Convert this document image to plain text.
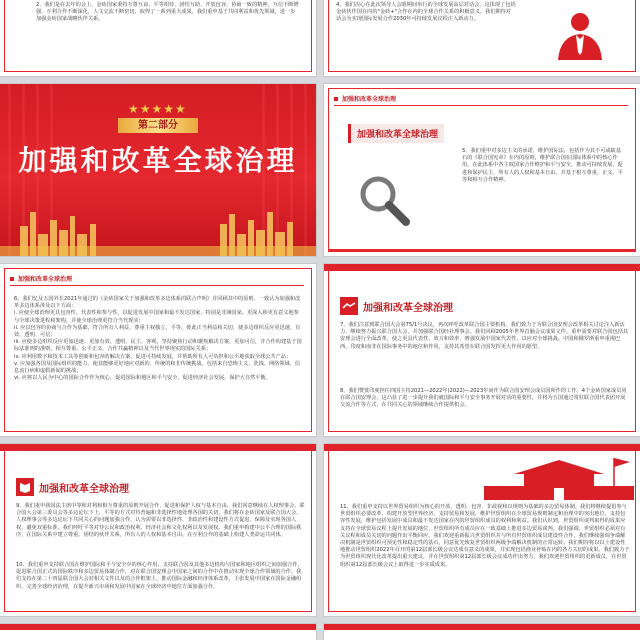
2、我们是在去年的会上，金砖国家秉持互尊互谅、平等相待、团结互助、开放包容、协商一致的精神，互信不断增强，互利合作不断深化，人文交流不断密切，取得了一系列重大成果。我们重申基于共同利益和优先领域，进一步加强金砖国家战略伙伴关系。
4、我们决心在此次领导人会晤期间举行的全球发展高层对话会，这体现了包括金砖伙伴国在内的"金砖+"合作在内的全球合作关系的积极意义。我们期待对话会为实现国际发展合作2030年可持续发展议程注入新动力。
★★★★★
第二部分
加强和改革全球治理
加强和改革全球治理
加强和改革全球治理
5、我们重申对多边主义的承诺，维护国际法，包括作为其不可或缺基石的《联合国宪章》在内的原则，维护联合国在国际体系中的核心作用。在此体系中各主权国家合作维护和平与安全，推动可持续发展，促进和保护民主、所有人的人权和基本自由，并基于相互尊重、正义、平等和相互合作精神。
加强和改革全球治理
6、我们忆及五国外长2021年通过的《金砖国家关于加强和改革多边体系的联合声明》并回顾其中的原则，一致认为加强和改革多边体系涉及以下方面：
i. 应使全球治理更具包容性、代表性和参与性，以促进发展中国家和最不发达国家，特别是非洲国家，更深入和更有意义地参与全球决策进程和架构，并使全球治理更符合当代现实；
ii. 应以包容的协商与合作为基础，符合所有人利益，尊重主权独立、平等、彼此正当利益和关切，使多边组织反应更迅速、有效、透明、可信；
iii. 应使多边组织反应更加迅速、更加有效、透明、民主、客观、坚持聚焦行动和聚焦解决方案，更加可信，并合作构建基于国际法准则的准则，相互尊重、公平正义、合作共赢精神以及当代世界现实的国际关系；
iv. 应利用数字和技术工具等创新和包容的解决方案，促进可持续发展，并帮助所有人可负担和公平地获取全球公共产品；
v. 应加强各国及国际组织的能力，使其能够更好地应对新的、传统的和非传统挑战，包括来自恐怖主义、洗钱、网络领域、信息流行病和虚假新闻的挑战；
vi. 应将以人民为中心的国际合作作为核心，促进国际和地区和平与安全，促进经济社会发展，保护大自然平衡。
加强和改革全球治理
7、我们注意到联合国大会第75/1号决议，再次呼吁改革联合国主要机构。我们致力于为联合国安理会改革相关讨论注入新活力，继续努力振兴联合国大会，并加强联合国经社理事会。我们回顾2005年世界首脑会议成果文件，重申需要对联合国包括其安理会进行全面改革，使之更具代表性、效力和效率，增强发展中国家代表性，以应对全球挑战。中国和俄罗斯重申重视巴西、印度和南非在国际事务中的地位和作用，支持其希望在联合国发挥更大作用的愿望。
8、我们赞赏印度担任四国主持2021—2022年(2022)—2023年间作为联合国安理会成员国所作的工作。4个金砖国家成员同在联合国安理会，这凸显了进一步提升我们就国际和平与安全事务开展对话的重要性，并将为五国通过常驻联合国代表团开展交流合作等方式，在共同关心的领域继续合作提供机会。
加强和改革全球治理
9、我们重申我国法主席中等和对利和相互尊重的原则开展合作，促进和保护人权与基本自由。我们同意继续在人权理事会、联合国大会第三委员会等多边论坛下上，平等的方式对待普遍和非选择性地处理各国的关切。我们将在金砖国家及联合国大会、人权理事会等多边论坛下共同关心的问题加强合作，认为需要以非选择性、非政治性和建设性方式促进、保障及实现各国人权，避免双重标准，我们呼吁平等对待公民和政治权利、经济社会和文化权利以及发展权。我们重申构建中公平合理的国际秩序，在国际关系中建立尊重、团结的伙伴关系，所有人的人权和基本自由。在互利合作的基础上构建人类命运共同体。
10、我们重申支持联合国在维护国际和平与安全中的核心作用，支持联合国及其他多边机构与国家和地区组织之间加强合作，促进联合国正式的国际秩序和多边贸易体制合作，对在联合国安理会中国家之间的合作中在推动实现全球合作领域的合作。我们支持在第二十四届联合国大会对相关文件以及的合作框架上，推动国际金融和经济体系改革，主张发展中国家在国际金融组织、完善全球经济治理，在提升新兴市场和发展中国家在全球经济中地位方面加强合作。
11、我们重申支持以世界贸易组织为核心的开放、透明、包容、非歧视和以规则为基础的多边贸易体制。我们将继续提倡参与世贸组织必要改革，构建开放型世界经济，支持贸易和发展，维护世贸组织在全球贸易规则制定和治理中的突出地位，支持包容性发展，维护包括发展中成员和最不发达国家在内的世贸组织成员的权利和利益。我们认识到，世贸组织谈判取得的成果应支持在全球贸易议程上提升发展的地位，世贸组织所有成员应在一致基础上推进多边贸易谈判。我们强调，世贸组织必须对有关议程和成员关切的问题作出平衡回应，我们欢迎重新振兴世贸组织并与所有世贸组织成员建设性合作。我们继续强调争端解决机制是世贸组织可预见性和稳定性的基石，同意优先恢复世贸组织两级争端解决机制的正常运转。我们期待将以以上建设性地推动世贸组织2022年召开的第12届部长级会议达成有意义的成果，并实现包括渔业补贴在内的各方关切的成果。我们致力于为世贸组织现代化改革提出重大建议，并在世贸组织第12届部长级会议成功作出努力，我们欢迎世贸组织的更新成员，在世贸组织第12届部长级会议上取得进一步实质成果。
